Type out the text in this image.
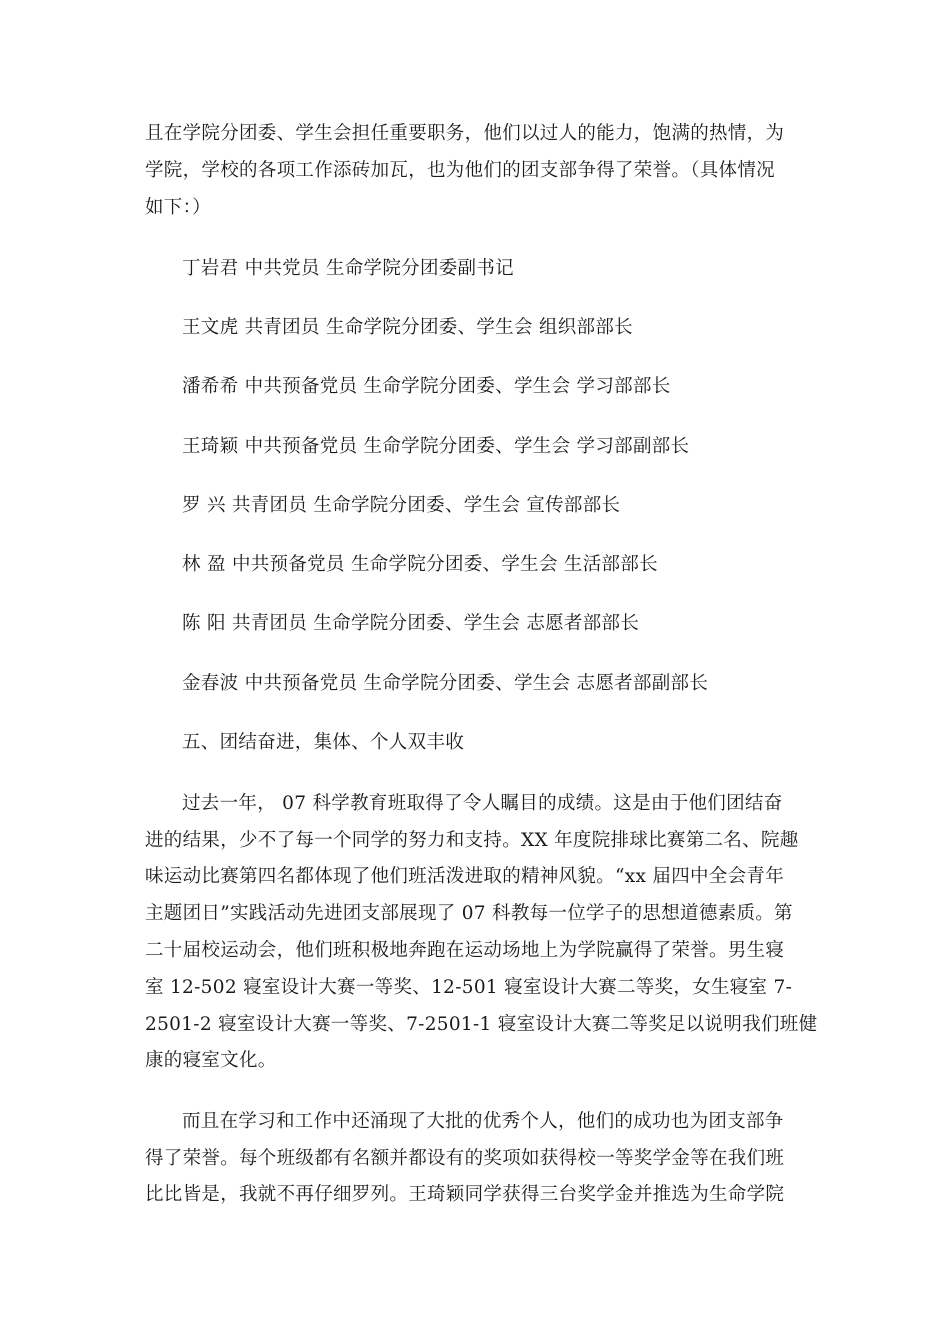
且在学院分团委、学生会担任重要职务，他们以过人的能力，饱满的热情，为
学院，学校的各项工作添砖加瓦，也为他们的团支部争得了荣誉。（具体情况
如下：）
丁岩君 中共党员 生命学院分团委副书记
王文虎 共青团员 生命学院分团委、学生会 组织部部长
潘希希 中共预备党员 生命学院分团委、学生会 学习部部长
王琦颖 中共预备党员 生命学院分团委、学生会 学习部副部长
罗 兴 共青团员 生命学院分团委、学生会 宣传部部长
林 盈 中共预备党员 生命学院分团委、学生会 生活部部长
陈 阳 共青团员 生命学院分团委、学生会 志愿者部部长
金春波 中共预备党员 生命学院分团委、学生会 志愿者部副部长
五、团结奋进，集体、个人双丰收
过去一年， 07 科学教育班取得了令人瞩目的成绩。这是由于他们团结奋
进的结果，少不了每一个同学的努力和支持。XX 年度院排球比赛第二名、院趣
味运动比赛第四名都体现了他们班活泼进取的精神风貌。“xx 届四中全会青年
主题团日”实践活动先进团支部展现了 07 科教每一位学子的思想道德素质。第
二十届校运动会，他们班积极地奔跑在运动场地上为学院赢得了荣誉。男生寝
室 12-502 寝室设计大赛一等奖、12-501 寝室设计大赛二等奖，女生寝室 7-
2501-2 寝室设计大赛一等奖、7-2501-1 寝室设计大赛二等奖足以说明我们班健
康的寝室文化。
而且在学习和工作中还涌现了大批的优秀个人，他们的成功也为团支部争
得了荣誉。每个班级都有名额并都设有的奖项如获得校一等奖学金等在我们班
比比皆是，我就不再仔细罗列。王琦颖同学获得三台奖学金并推选为生命学院
